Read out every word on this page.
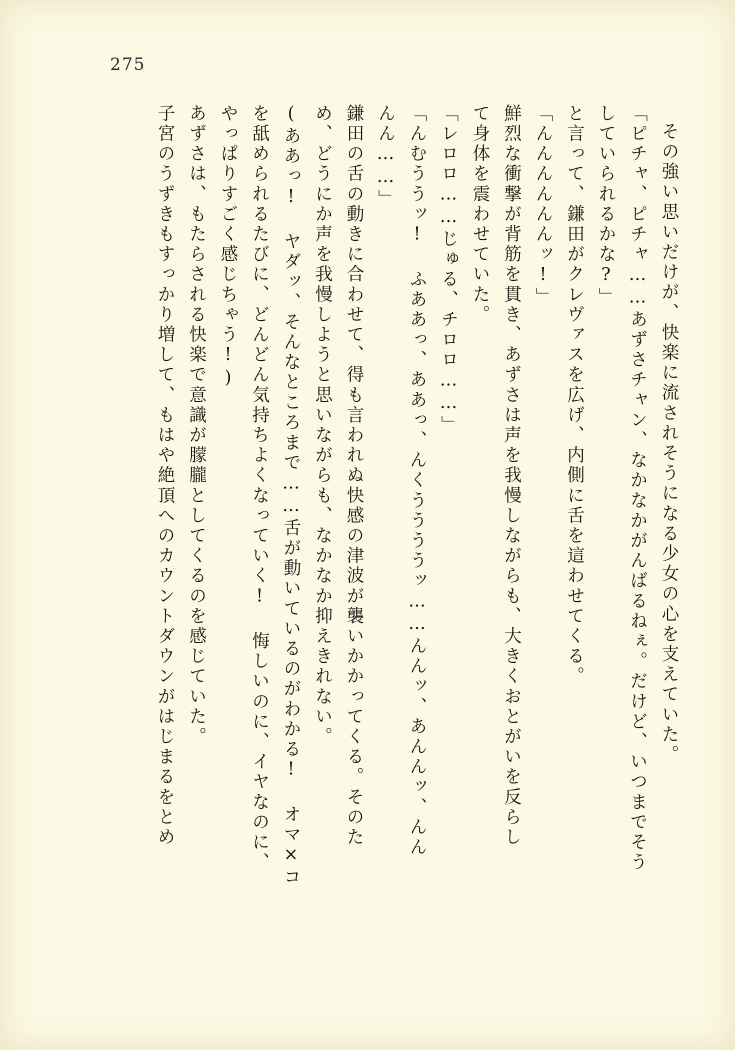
275
その強い思いだけが、快楽に流されそうになる少女の心を支えていた。
「ピチャ、ピチャ……あずさチャン、なかなかがんばるねぇ。だけど、いつまでそう
していられるかな?」
と言って、鎌田がクレヴァスを広げ、内側に舌を這わせてくる。
「んんんんんんッ!」
鮮烈な衝撃が背筋を貫き、あずさは声を我慢しながらも、大きくおとがいを反らし
て身体を震わせていた。
「レロロ……じゅる、チロロ……」
「んむううッ! ふああっ、ああっ、んくううううッ……んんッ、あんんッ、んん
んん……」
鎌田の舌の動きに合わせて、得も言われぬ快感の津波が襲いかかってくる。そのた
め、どうにか声を我慢しようと思いながらも、なかなか抑えきれない。
(ああっ! ヤダッ、そんなところまで……舌が動いているのがわかる! オマ×コ
を舐められるたびに、どんどん気持ちよくなっていく! 悔しいのに、イヤなのに、
やっぱりすごく感じちゃう!)
あずさは、もたらされる快楽で意識が朦朧としてくるのを感じていた。
子宮のうずきもすっかり増して、もはや絶頂へのカウントダウンがはじまるをとめ
